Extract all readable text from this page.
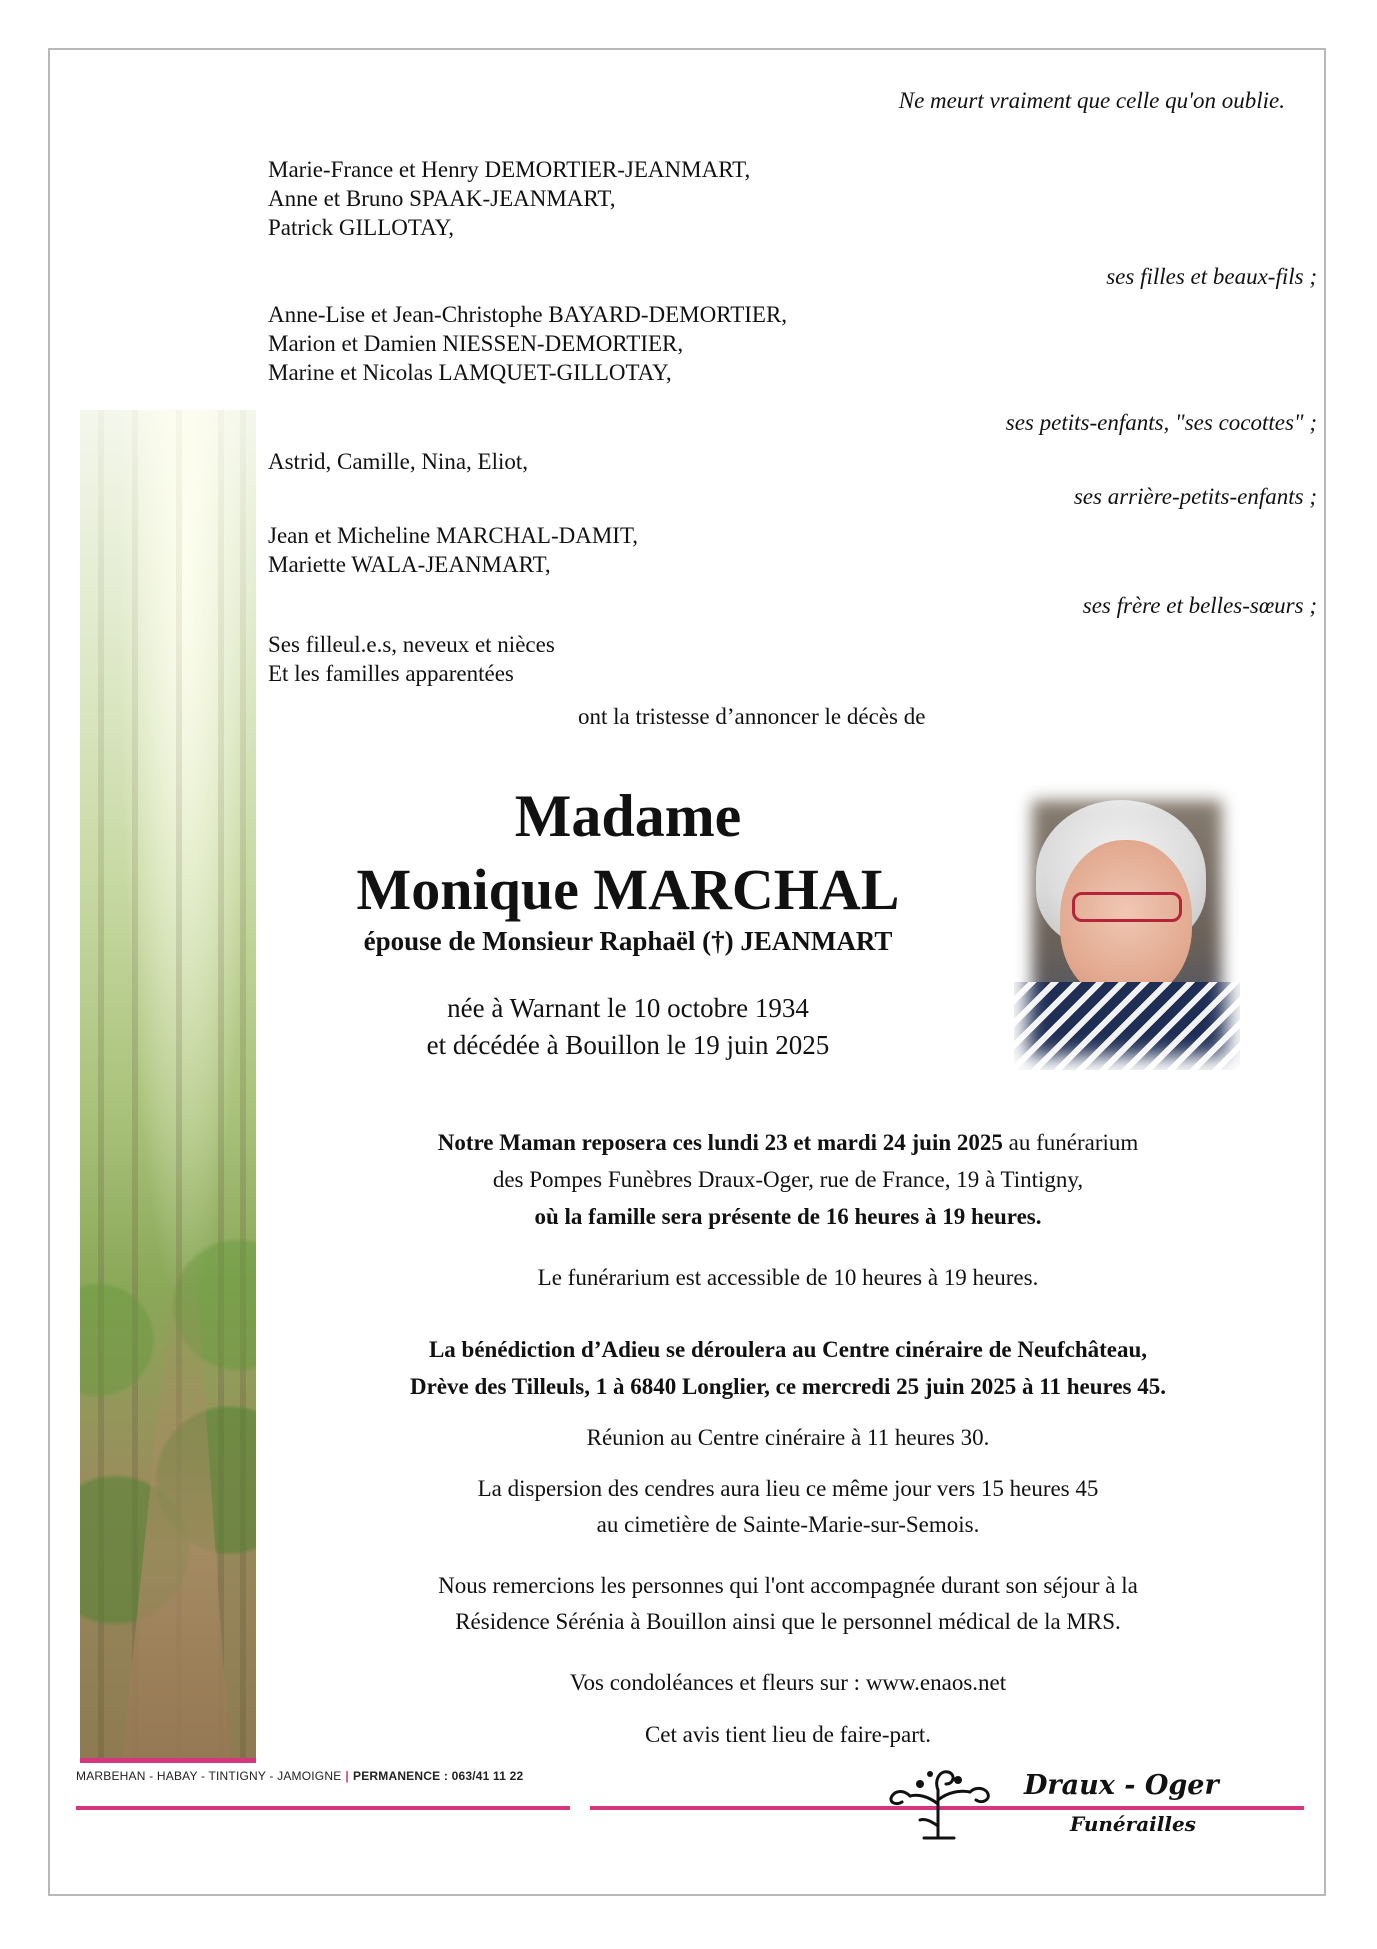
Ne meurt vraiment que celle qu'on oublie.
Marie-France et Henry DEMORTIER-JEANMART,
Anne et Bruno SPAAK-JEANMART,
Patrick GILLOTAY,
ses filles et beaux-fils ;
Anne-Lise et Jean-Christophe BAYARD-DEMORTIER,
Marion et Damien NIESSEN-DEMORTIER,
Marine et Nicolas LAMQUET-GILLOTAY,
ses petits-enfants, "ses cocottes" ;
Astrid, Camille, Nina, Eliot,
ses arrière-petits-enfants ;
Jean et Micheline MARCHAL-DAMIT,
Mariette WALA-JEANMART,
ses frère et belles-sœurs ;
Ses filleul.e.s, neveux et nièces
Et les familles apparentées
ont la tristesse d’annoncer le décès de
Madame
Monique MARCHAL
épouse de Monsieur Raphaël (†) JEANMART
née à Warnant le 10 octobre 1934
et décédée à Bouillon le 19 juin 2025
Notre Maman reposera ces lundi 23 et mardi 24 juin 2025 au funérarium
des Pompes Funèbres Draux-Oger, rue de France, 19 à Tintigny,
où la famille sera présente de 16 heures à 19 heures.
Le funérarium est accessible de 10 heures à 19 heures.
La bénédiction d’Adieu se déroulera au Centre cinéraire de Neufchâteau,
Drève des Tilleuls, 1 à 6840 Longlier, ce mercredi 25 juin 2025 à 11 heures 45.
Réunion au Centre cinéraire à 11 heures 30.
La dispersion des cendres aura lieu ce même jour vers 15 heures 45
au cimetière de Sainte-Marie-sur-Semois.
Nous remercions les personnes qui l'ont accompagnée durant son séjour à la
Résidence Sérénia à Bouillon ainsi que le personnel médical de la MRS.
Vos condoléances et fleurs sur : www.enaos.net
Cet avis tient lieu de faire-part.
MARBEHAN - HABAY - TINTIGNY - JAMOIGNE | PERMANENCE : 063/41 11 22	Draux - Oger
Funérailles
